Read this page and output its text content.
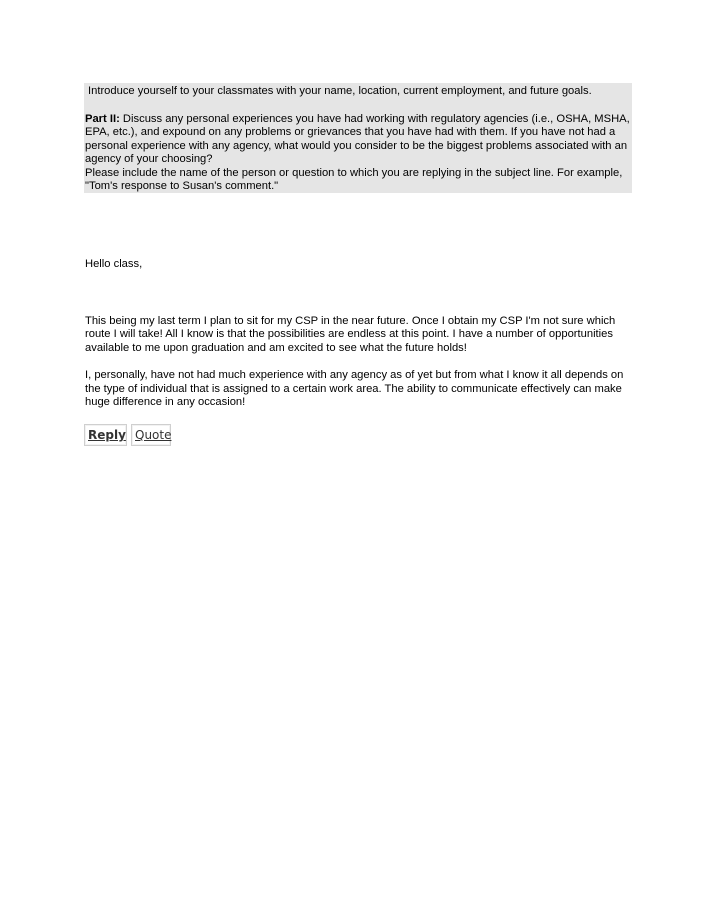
Introduce yourself to your classmates with your name, location, current employment, and future goals.

Part II: Discuss any personal experiences you have had working with regulatory agencies (i.e., OSHA, MSHA, EPA, etc.), and expound on any problems or grievances that you have had with them. If you have not had a personal experience with any agency, what would you consider to be the biggest problems associated with an agency of your choosing?

Please include the name of the person or question to which you are replying in the subject line. For example, "Tom's response to Susan's comment."

Hello class,

This being my last term I plan to sit for my CSP in the near future. Once I obtain my CSP I'm not sure which route I will take! All I know is that the possibilities are endless at this point. I have a number of opportunities available to me upon graduation and am excited to see what the future holds!

I, personally, have not had much experience with any agency as of yet but from what I know it all depends on the type of individual that is assigned to a certain work area. The ability to communicate effectively can make huge difference in any occasion!

Reply Quote
